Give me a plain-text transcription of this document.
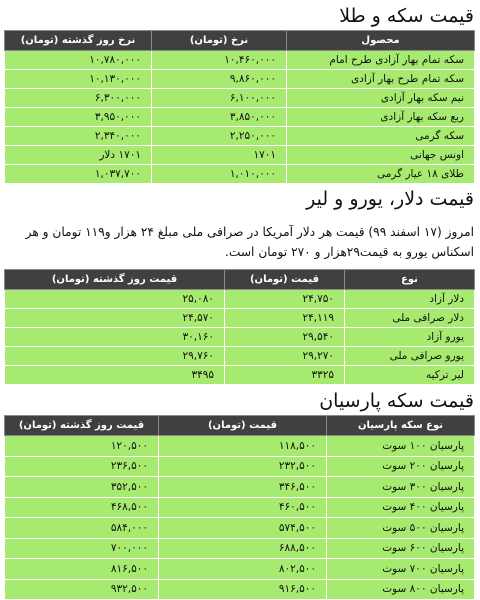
قیمت سکه و طلا
محصول	نرخ (تومان)	نرخ روز گذشته (تومان)
سکه تمام بهار آزادی طرح امام	۱۰,۴۶۰,۰۰۰	۱۰,۷۸۰,۰۰۰
سکه تمام طرح بهار آزادی	۹,۸۶۰,۰۰۰	۱۰,۱۳۰,۰۰۰
نیم سکه بهار آزادی	۶,۱۰۰,۰۰۰	۶,۳۰۰,۰۰۰
ربع سکه بهار آزادی	۳,۸۵۰,۰۰۰	۳,۹۵۰,۰۰۰
سکه گرمی	۲,۲۵۰,۰۰۰	۲,۳۴۰,۰۰۰
اونس جهانی	۱۷۰۱	۱۷۰۱ دلار
طلای ۱۸ عیار گرمی	۱,۰۱۰,۰۰۰	۱,۰۳۷,۷۰۰
قیمت دلار، یورو و لیر

امروز (۱۷ اسفند ۹۹) قیمت هر دلار آمریکا در صرافی ملی مبلغ ۲۴ هزار و۱۱۹ تومان و هر اسکناس یورو به قیمت۲۹هزار و ۲۷۰ تومان است.

نوع	قیمت (تومان)	قیمت روز گذشته (تومان)
دلار آزاد	۲۴,۷۵۰	۲۵,۰۸۰
دلار صرافی ملی	۲۴,۱۱۹	۲۴,۵۷۰
یورو آزاد	۲۹,۵۴۰	۳۰,۱۶۰
یورو صرافی ملی	۲۹,۲۷۰	۲۹,۷۶۰
لیر ترکیه	۳۳۲۵	۳۴۹۵
قیمت سکه پارسیان
نوع سکه پارسیان	قیمت (تومان)	قیمت روز گذشته (تومان)
پارسیان ۱۰۰ سوت	۱۱۸,۵۰۰	۱۲۰,۵۰۰
پارسیان ۲۰۰ سوت	۲۳۲,۵۰۰	۲۳۶,۵۰۰
پارسیان ۳۰۰ سوت	۳۴۶,۵۰۰	۳۵۲,۵۰۰
پارسیان ۴۰۰ سوت	۴۶۰,۵۰۰	۴۶۸,۵۰۰
پارسیان ۵۰۰ سوت	۵۷۴,۵۰۰	۵۸۴,۰۰۰
پارسیان ۶۰۰ سوت	۶۸۸,۵۰۰	۷۰۰,۰۰۰
پارسیان ۷۰۰ سوت	۸۰۲,۵۰۰	۸۱۶,۵۰۰
پارسیان ۸۰۰ سوت	۹۱۶,۵۰۰	۹۳۲,۵۰۰
